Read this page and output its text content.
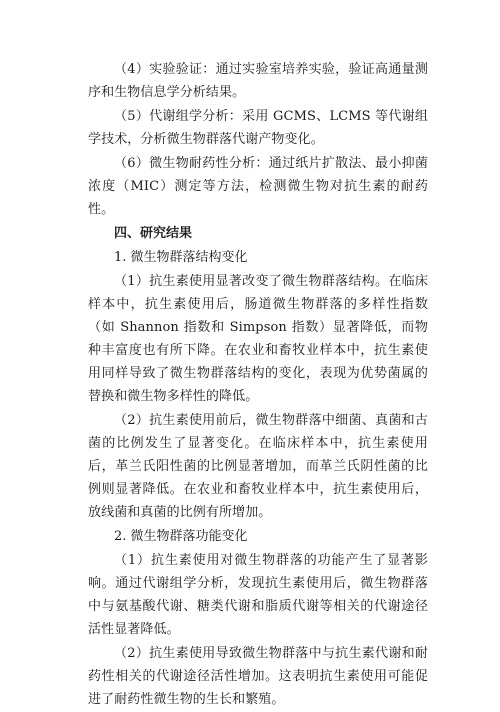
（4）实验验证：通过实验室培养实验，验证高通量测序和生物信息学分析结果。

（5）代谢组学分析：采用 GCMS、LCMS 等代谢组学技术，分析微生物群落代谢产物变化。

（6）微生物耐药性分析：通过纸片扩散法、最小抑菌浓度（MIC）测定等方法，检测微生物对抗生素的耐药性。

四、研究结果

1. 微生物群落结构变化

（1）抗生素使用显著改变了微生物群落结构。在临床样本中，抗生素使用后，肠道微生物群落的多样性指数（如 Shannon 指数和 Simpson 指数）显著降低，而物种丰富度也有所下降。在农业和畜牧业样本中，抗生素使用同样导致了微生物群落结构的变化，表现为优势菌属的替换和微生物多样性的降低。

（2）抗生素使用前后，微生物群落中细菌、真菌和古菌的比例发生了显著变化。在临床样本中，抗生素使用后，革兰氏阳性菌的比例显著增加，而革兰氏阴性菌的比例则显著降低。在农业和畜牧业样本中，抗生素使用后，放线菌和真菌的比例有所增加。

2. 微生物群落功能变化

（1）抗生素使用对微生物群落的功能产生了显著影响。通过代谢组学分析，发现抗生素使用后，微生物群落中与氨基酸代谢、糖类代谢和脂质代谢等相关的代谢途径活性显著降低。

（2）抗生素使用导致微生物群落中与抗生素代谢和耐药性相关的代谢途径活性增加。这表明抗生素使用可能促进了耐药性微生物的生长和繁殖。
